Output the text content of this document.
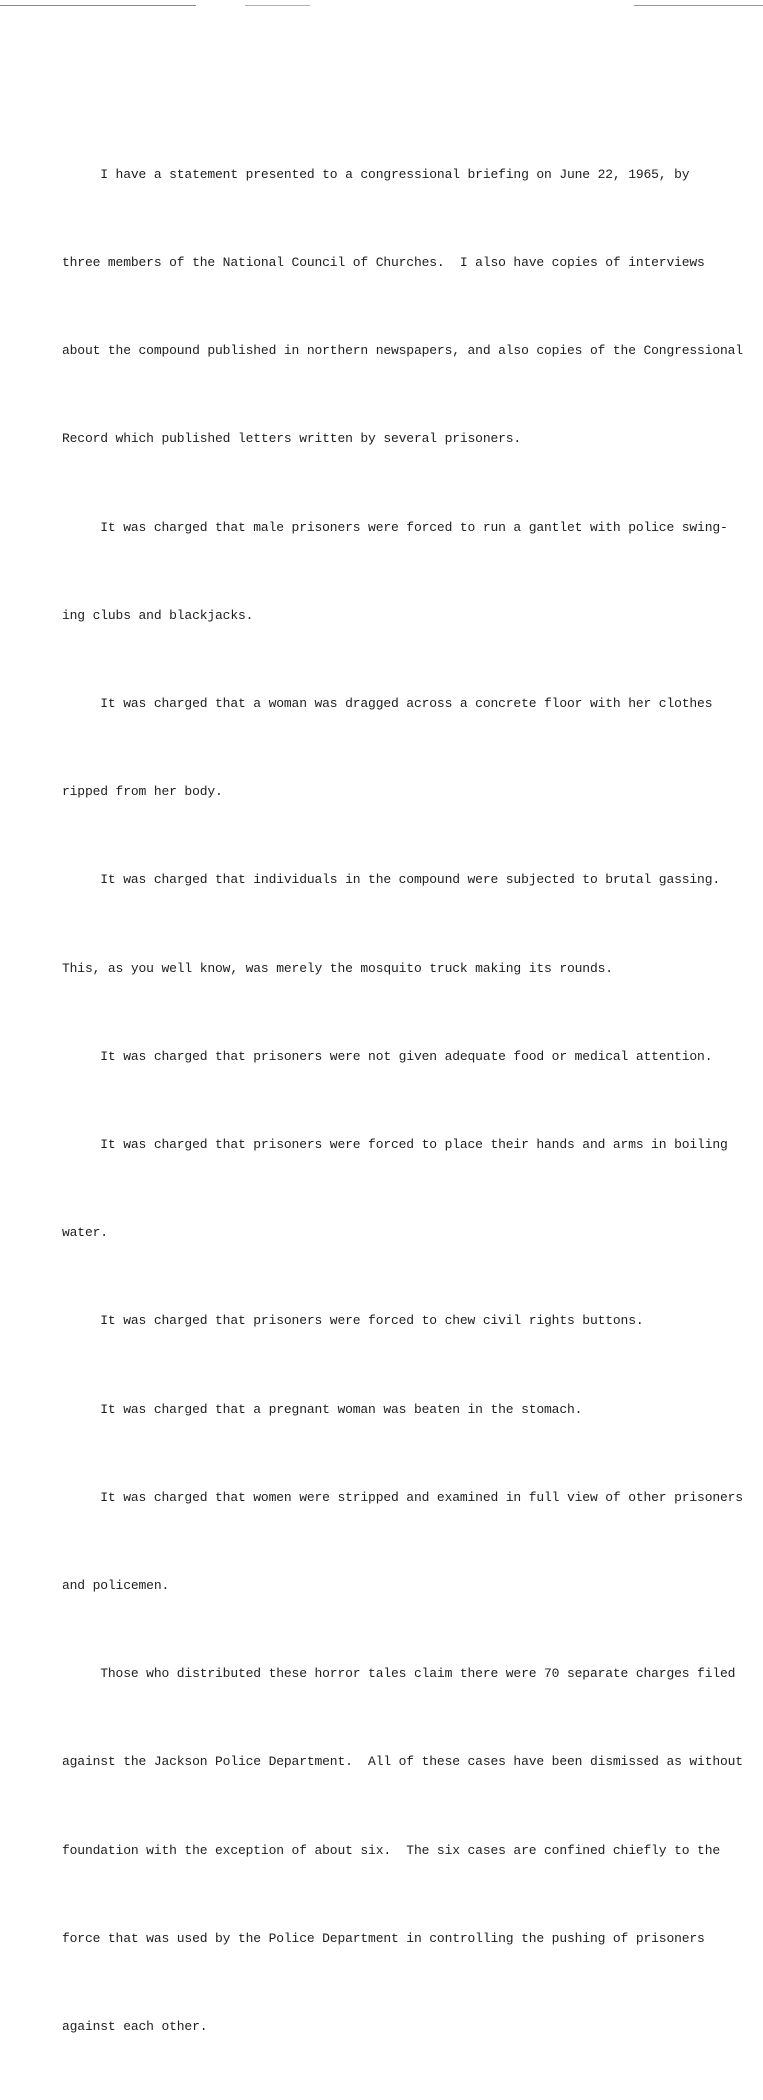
I have a statement presented to a congressional briefing on June 22, 1965, by

three members of the National Council of Churches.  I also have copies of interviews

about the compound published in northern newspapers, and also copies of the Congressional

Record which published letters written by several prisoners.

It was charged that male prisoners were forced to run a gantlet with police swing-

ing clubs and blackjacks.

It was charged that a woman was dragged across a concrete floor with her clothes

ripped from her body.

It was charged that individuals in the compound were subjected to brutal gassing.

This, as you well know, was merely the mosquito truck making its rounds.

It was charged that prisoners were not given adequate food or medical attention.

It was charged that prisoners were forced to place their hands and arms in boiling

water.

It was charged that prisoners were forced to chew civil rights buttons.

It was charged that a pregnant woman was beaten in the stomach.

It was charged that women were stripped and examined in full view of other prisoners

and policemen.

Those who distributed these horror tales claim there were 70 separate charges filed

against the Jackson Police Department.  All of these cases have been dismissed as without

foundation with the exception of about six.  The six cases are confined chiefly to the

force that was used by the Police Department in controlling the pushing of prisoners

against each other.
